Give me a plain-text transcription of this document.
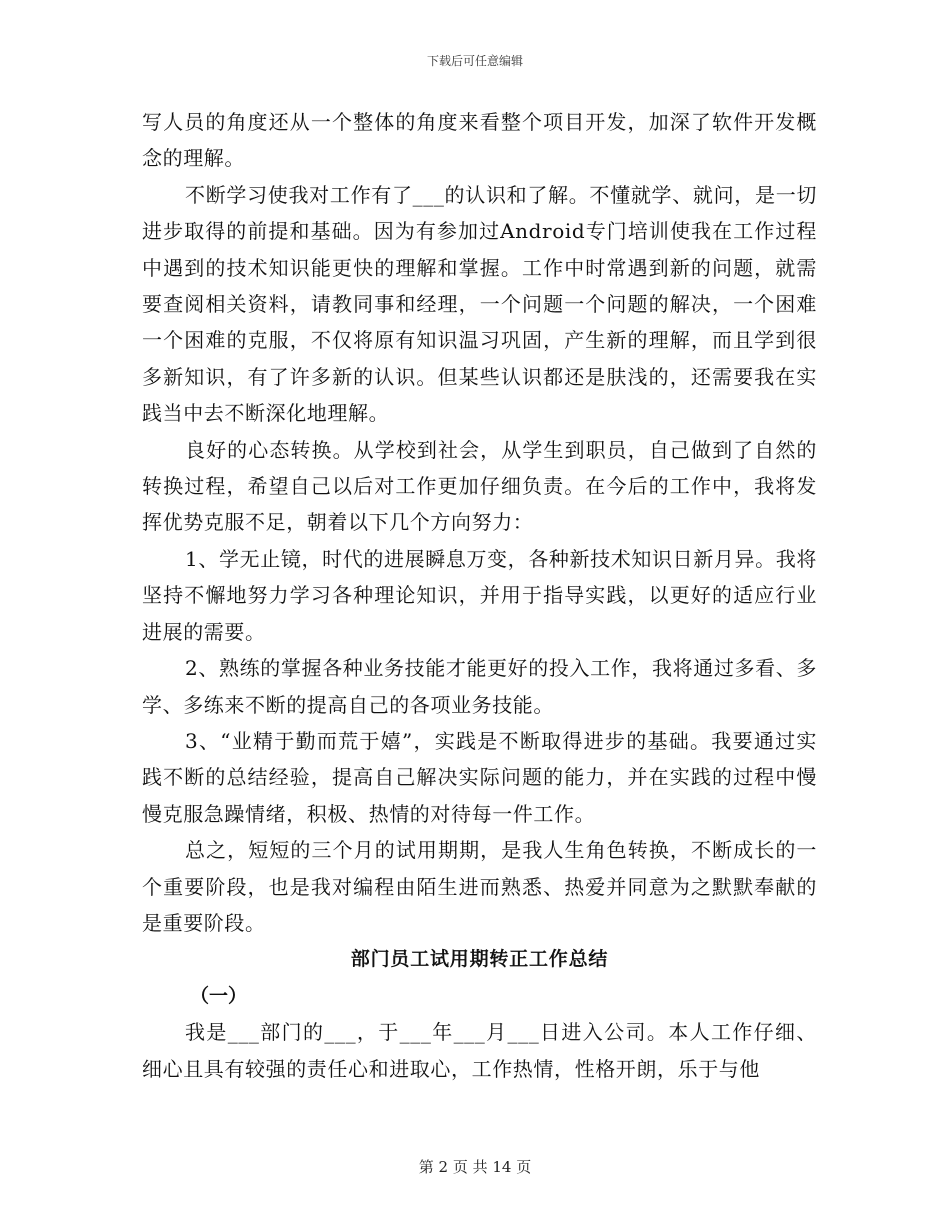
下载后可任意编辑

写人员的角度还从一个整体的角度来看整个项目开发，加深了软件开发概念的理解。

不断学习使我对工作有了___的认识和了解。不懂就学、就问，是一切进步取得的前提和基础。因为有参加过Android专门培训使我在工作过程中遇到的技术知识能更快的理解和掌握。工作中时常遇到新的问题，就需要查阅相关资料，请教同事和经理，一个问题一个问题的解决，一个困难一个困难的克服，不仅将原有知识温习巩固，产生新的理解，而且学到很多新知识，有了许多新的认识。但某些认识都还是肤浅的，还需要我在实践当中去不断深化地理解。

良好的心态转换。从学校到社会，从学生到职员，自己做到了自然的转换过程，希望自己以后对工作更加仔细负责。在今后的工作中，我将发挥优势克服不足，朝着以下几个方向努力：

1、学无止镜，时代的进展瞬息万变，各种新技术知识日新月异。我将坚持不懈地努力学习各种理论知识，并用于指导实践，以更好的适应行业进展的需要。

2、熟练的掌握各种业务技能才能更好的投入工作，我将通过多看、多学、多练来不断的提高自己的各项业务技能。

3、“业精于勤而荒于嬉”，实践是不断取得进步的基础。我要通过实践不断的总结经验，提高自己解决实际问题的能力，并在实践的过程中慢慢克服急躁情绪，积极、热情的对待每一件工作。

总之，短短的三个月的试用期期，是我人生角色转换，不断成长的一个重要阶段，也是我对编程由陌生进而熟悉、热爱并同意为之默默奉献的是重要阶段。

部门员工试用期转正工作总结

（一）

我是___部门的___，于___年___月___日进入公司。本人工作仔细、细心且具有较强的责任心和进取心，工作热情，性格开朗，乐于与他

第 2 页 共 14 页
